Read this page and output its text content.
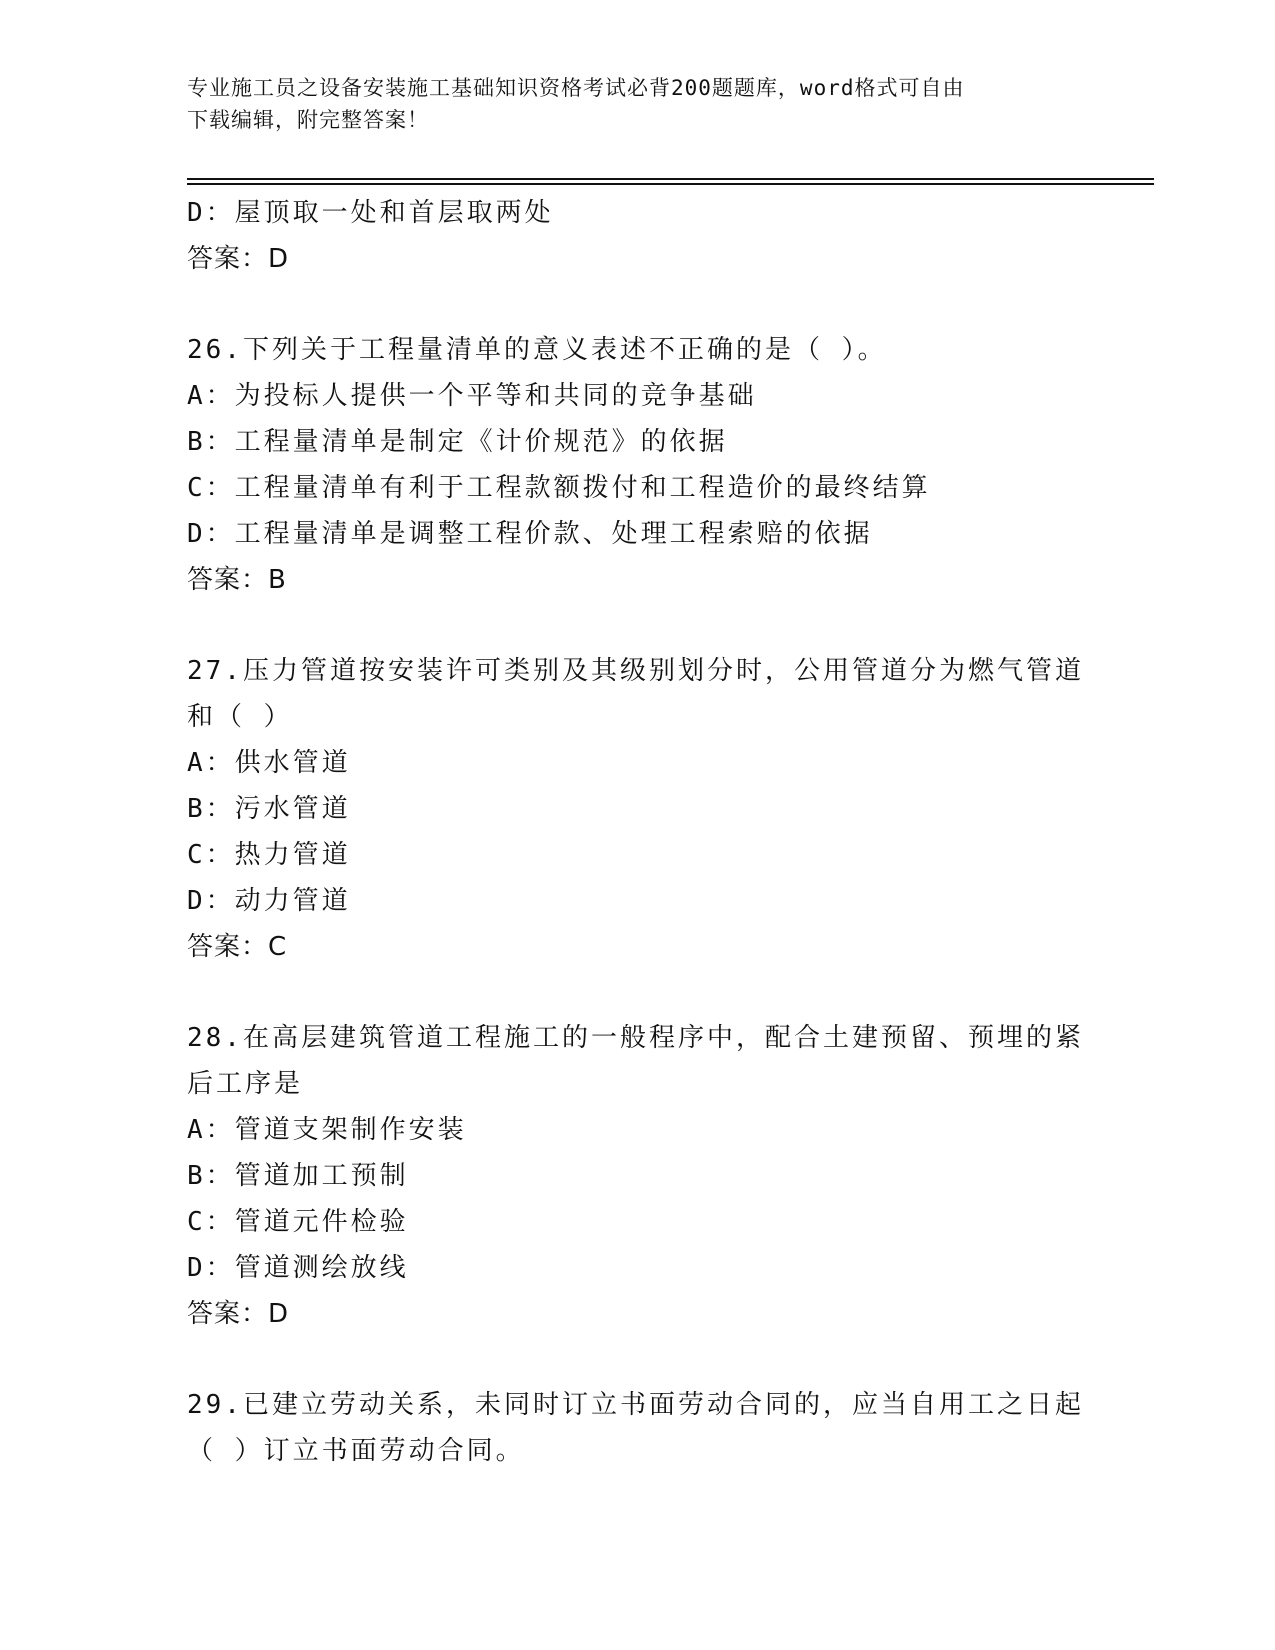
专业施工员之设备安装施工基础知识资格考试必背200题题库，word格式可自由
下载编辑，附完整答案！
D：屋顶取一处和首层取两处
答案：D
26.下列关于工程量清单的意义表述不正确的是（ ）。
A：为投标人提供一个平等和共同的竞争基础
B：工程量清单是制定《计价规范》的依据
C：工程量清单有利于工程款额拨付和工程造价的最终结算
D：工程量清单是调整工程价款、处理工程索赔的依据
答案：B
27.压力管道按安装许可类别及其级别划分时，公用管道分为燃气管道
和（ ）
A：供水管道
B：污水管道
C：热力管道
D：动力管道
答案：C
28.在高层建筑管道工程施工的一般程序中，配合土建预留、预埋的紧
后工序是
A：管道支架制作安装
B：管道加工预制
C：管道元件检验
D：管道测绘放线
答案：D
29.已建立劳动关系，未同时订立书面劳动合同的，应当自用工之日起
（ ）订立书面劳动合同。
